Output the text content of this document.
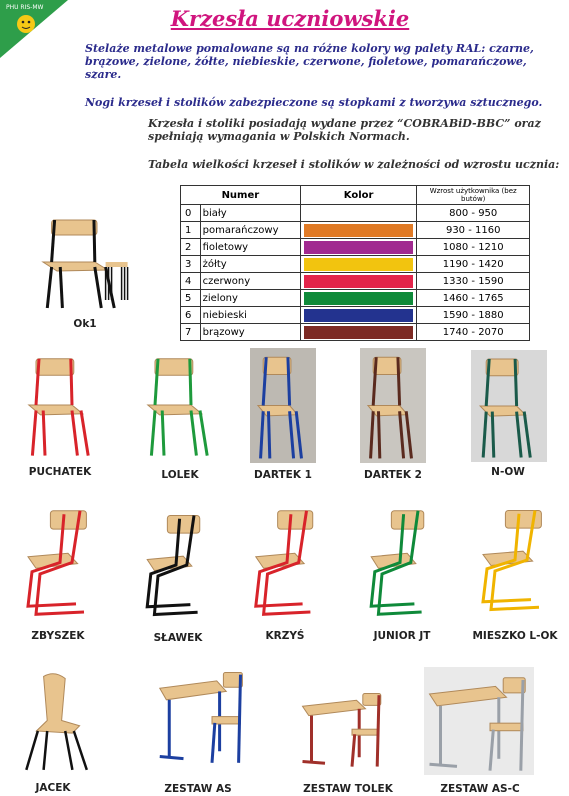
PHU RIS-MW	Krzesła uczniowskie
Stelaże metalowe pomalowane są na różne kolory wg palety RAL: czarne, brązowe, zielone, żółte, niebieskie, czerwone, fioletowe, pomarańczowe, szare.
Nogi krzeseł i stolików zabezpieczone są stopkami z tworzywa sztucznego.
Krzesła i stoliki posiadają wydane przez “COBRABiD-BBC” oraz spełniają wymagania w Polskich Normach.
Tabela wielkości krzeseł i stolików w zależności od wzrostu ucznia:
Numer		Kolor	Wzrost użytkownika (bez butów)
0	biały		800 - 950
1	pomarańczowy		930 - 1160
2	fioletowy		1080 - 1210
3	żółty		1190 - 1420
4	czerwony		1330 - 1590
5	zielony		1460 - 1765
6	niebieski		1590 - 1880
7	brązowy		1740 - 2070
Ok1
PUCHATEK	LOLEK	DARTEK 1	DARTEK 2	N-OW
ZBYSZEK	SŁAWEK	KRZYŚ	JUNIOR JT	MIESZKO L-OK
JACEK	ZESTAW AS	ZESTAW TOLEK	ZESTAW AS-C
